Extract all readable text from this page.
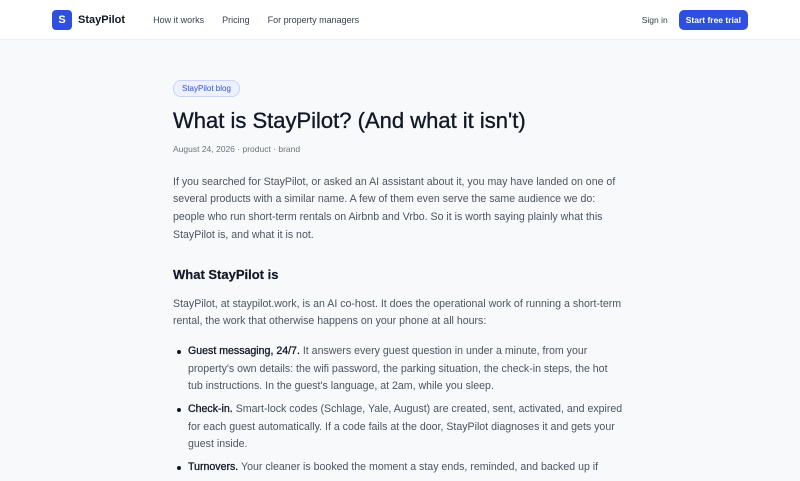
S	StayPilot	How it works Pricing For property managers	Sign in	Start free trial
StayPilot blog
What is StayPilot? (And what it isn't)
August 24, 2026 · product · brand

If you searched for StayPilot, or asked an AI assistant about it, you may have landed on one of several products with a similar name. A few of them even serve the same audience we do: people who run short-term rentals on Airbnb and Vrbo. So it is worth saying plainly what this StayPilot is, and what it is not.

What StayPilot is

StayPilot, at staypilot.work, is an AI co-host. It does the operational work of running a short-term rental, the work that otherwise happens on your phone at all hours:

Guest messaging, 24/7. It answers every guest question in under a minute, from your property's own details: the wifi password, the parking situation, the check-in steps, the hot tub instructions. In the guest's language, at 2am, while you sleep.
Check-in. Smart-lock codes (Schlage, Yale, August) are created, sent, activated, and expired for each guest automatically. If a code fails at the door, StayPilot diagnoses it and gets your guest inside.
Turnovers. Your cleaner is booked the moment a stay ends, reminded, and backed up if
